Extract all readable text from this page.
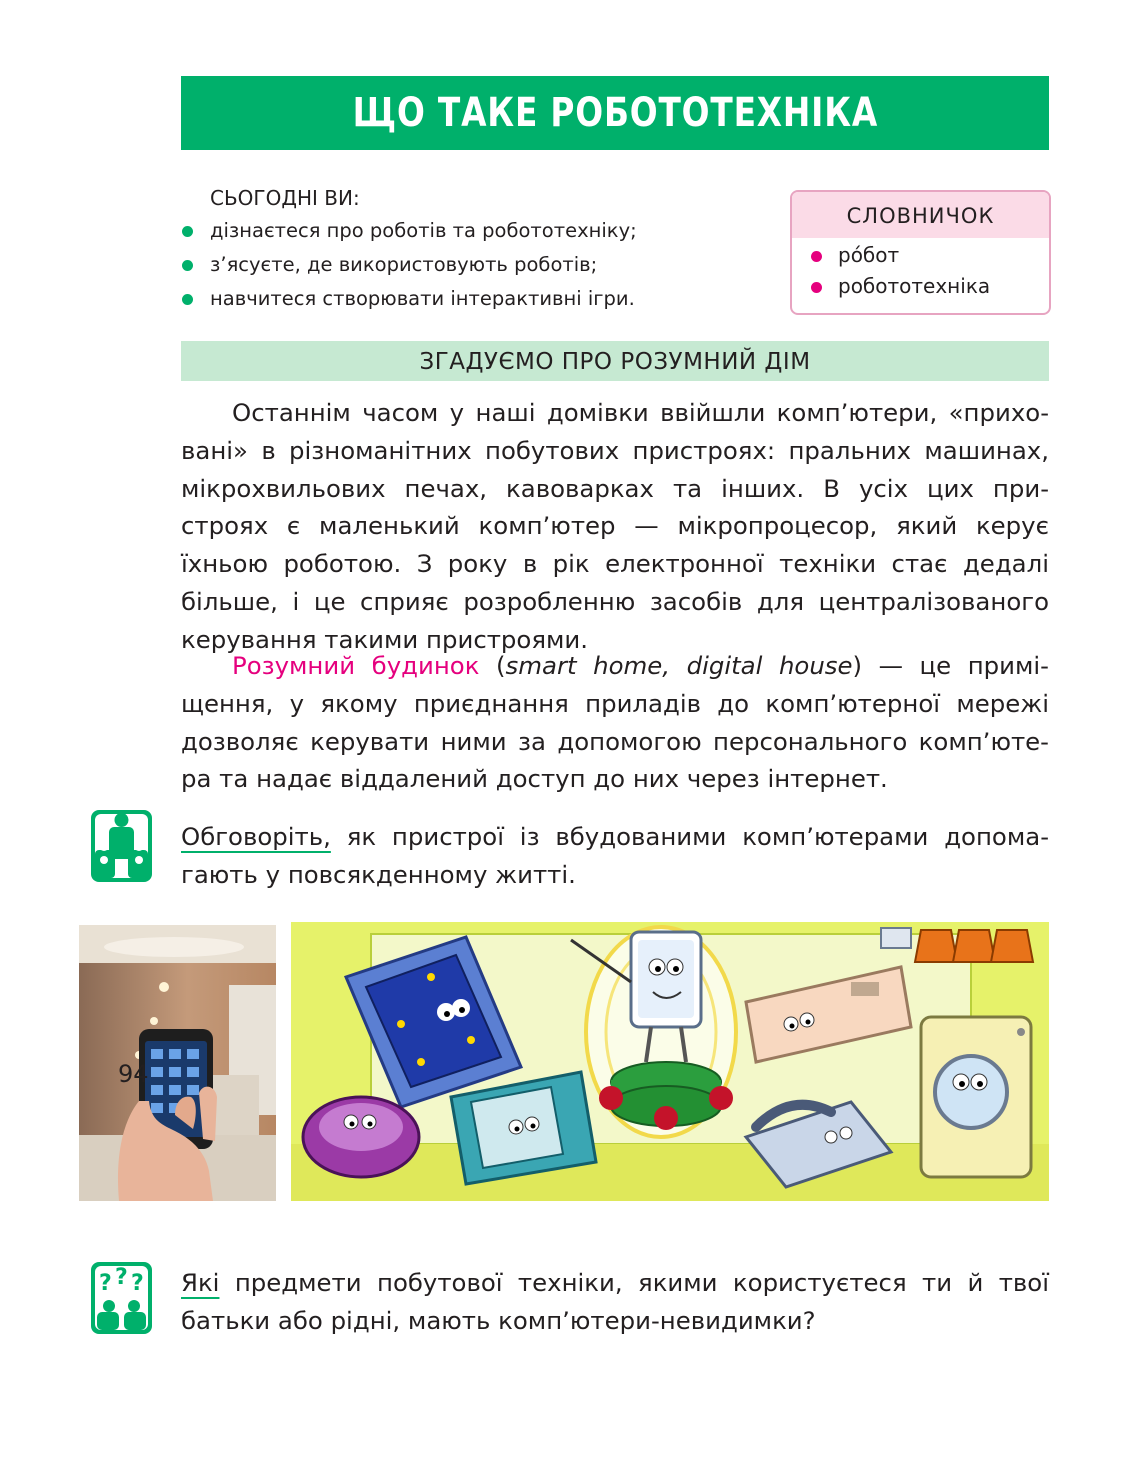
ЩО ТАКЕ РОБОТОТЕХНІКА
СЬОГОДНІ ВИ:
дізнаєтеся про роботів та робототехніку;
з’ясуєте, де використовують роботів;
навчитеся створювати інтерактивні ігри.
СЛОВНИЧОК
рóбот
робототехніка
ЗГАДУЄМО ПРО РОЗУМНИЙ ДІМ
Останнім часом у наші домівки ввійшли комп’ютери, «прихо-
вані» в різноманітних побутових пристроях: пральних машинах,
мікрохвильових печах, кавоварках та інших. В усіх цих при-
строях є маленький комп’ютер — мікропроцесор, який керує
їхньою роботою. З року в рік електронної техніки стає дедалі
більше, і це сприяє розробленню засобів для централізованого
керування такими пристроями.
Розумний будинок (smart home, digital house) — це примі-
щення, у якому приєднання приладів до комп’ютерної мережі
дозволяє керувати ними за допомогою персонального комп’юте-
ра та надає віддалений доступ до них через інтернет.
Обговоріть, як пристрої із вбудованими комп’ютерами допома-
гають у повсякденному житті.
? ? ? Які предмети побутової техніки, якими користуєтеся ти й твої
батьки або рідні, мають комп’ютери-невидимки?
94
